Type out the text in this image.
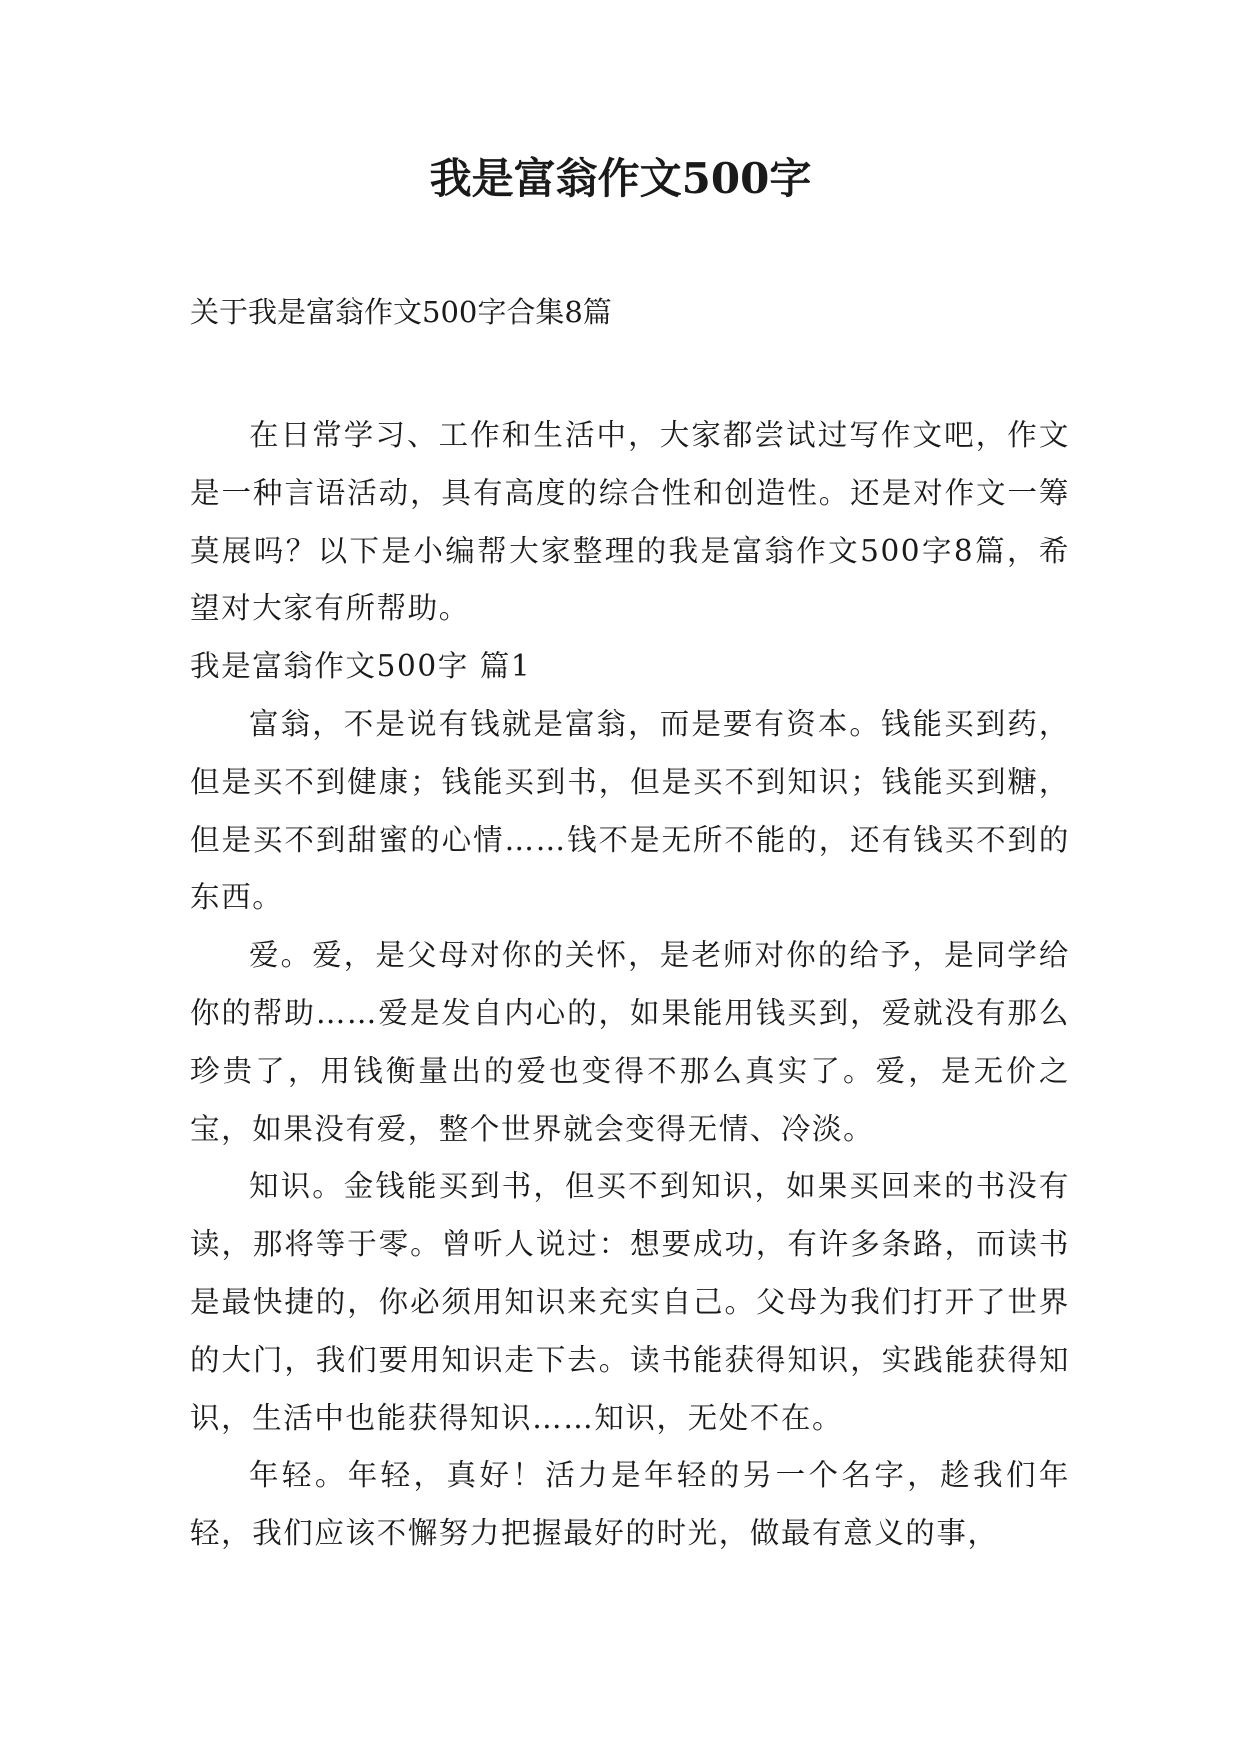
我是富翁作文500字

关于我是富翁作文500字合集8篇

在日常学习、工作和生活中，大家都尝试过写作文吧，作文是一种言语活动，具有高度的综合性和创造性。还是对作文一筹莫展吗？以下是小编帮大家整理的我是富翁作文500字8篇，希望对大家有所帮助。

我是富翁作文500字 篇1

富翁，不是说有钱就是富翁，而是要有资本。钱能买到药，但是买不到健康；钱能买到书，但是买不到知识；钱能买到糖，但是买不到甜蜜的心情……钱不是无所不能的，还有钱买不到的东西。

爱。爱，是父母对你的关怀，是老师对你的给予，是同学给你的帮助……爱是发自内心的，如果能用钱买到，爱就没有那么珍贵了，用钱衡量出的爱也变得不那么真实了。爱，是无价之宝，如果没有爱，整个世界就会变得无情、冷淡。

知识。金钱能买到书，但买不到知识，如果买回来的书没有读，那将等于零。曾听人说过：想要成功，有许多条路，而读书是最快捷的，你必须用知识来充实自己。父母为我们打开了世界的大门，我们要用知识走下去。读书能获得知识，实践能获得知识，生活中也能获得知识……知识，无处不在。

年轻。年轻，真好！活力是年轻的另一个名字，趁我们年轻，我们应该不懈努力把握最好的时光，做最有意义的事，
